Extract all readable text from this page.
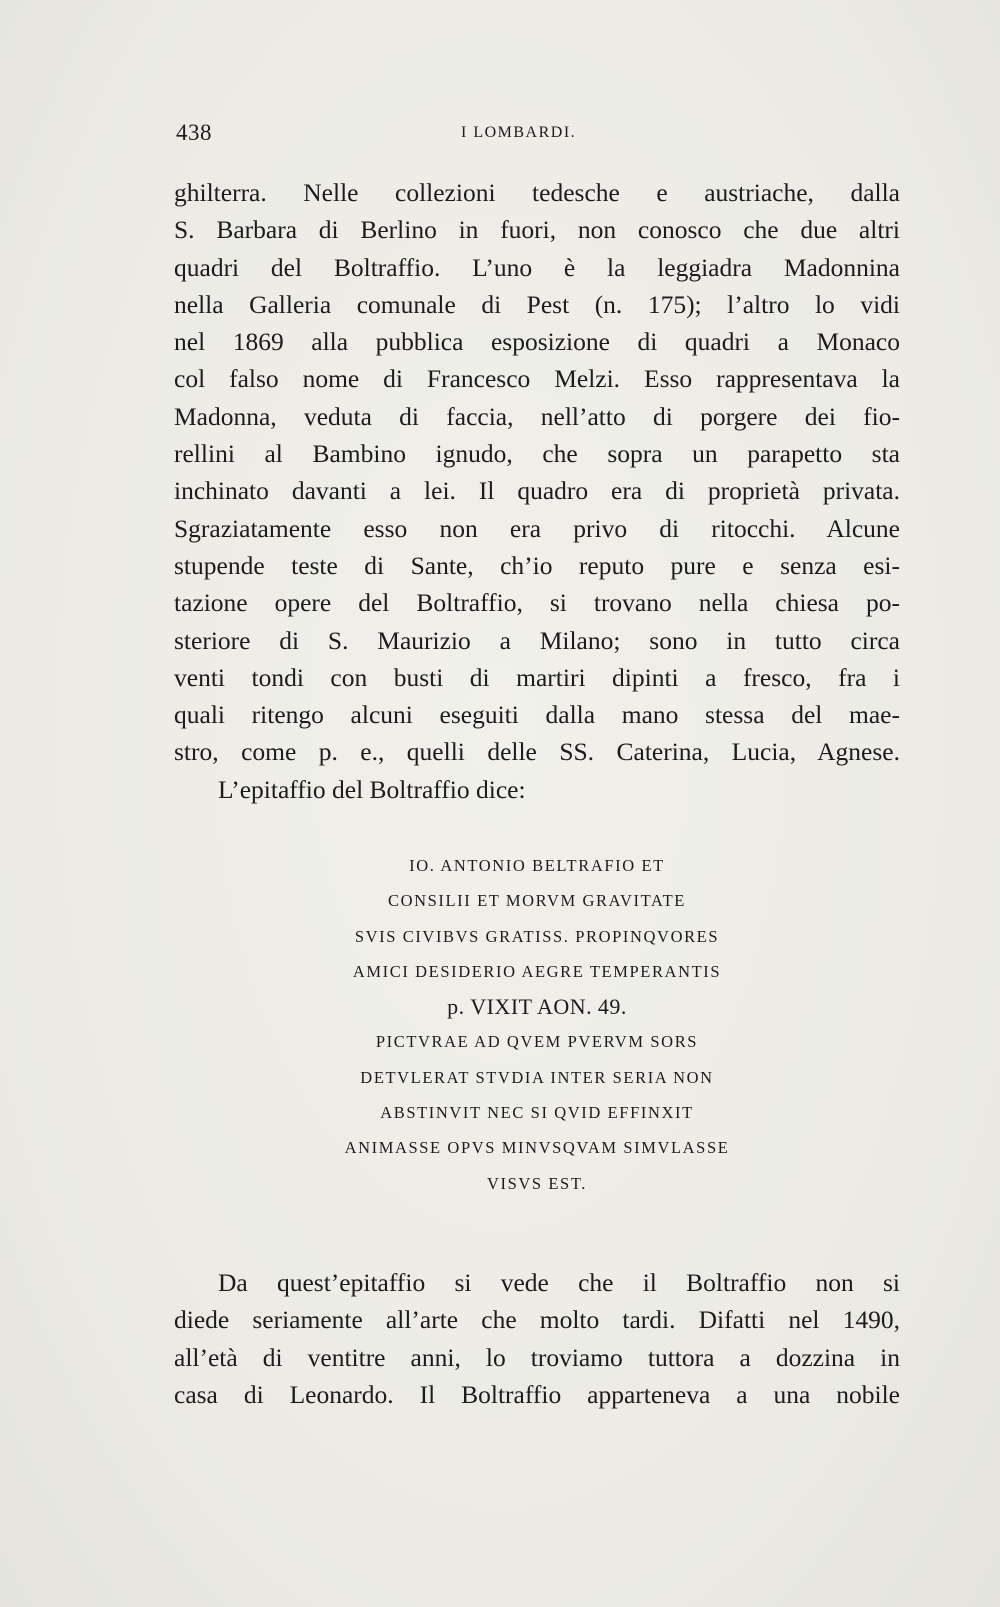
438	I LOMBARDI.
ghilterra. Nelle collezioni tedesche e austriache, dalla
S. Barbara di Berlino in fuori, non conosco che due altri
quadri del Boltraffio. L’uno è la leggiadra Madonnina
nella Galleria comunale di Pest (n. 175); l’altro lo vidi
nel 1869 alla pubblica esposizione di quadri a Monaco
col falso nome di Francesco Melzi. Esso rappresentava la
Madonna, veduta di faccia, nell’atto di porgere dei fio-
rellini al Bambino ignudo, che sopra un parapetto sta
inchinato davanti a lei. Il quadro era di proprietà privata.
Sgraziatamente esso non era privo di ritocchi. Alcune
stupende teste di Sante, ch’io reputo pure e senza esi-
tazione opere del Boltraffio, si trovano nella chiesa po-
steriore di S. Maurizio a Milano; sono in tutto circa
venti tondi con busti di martiri dipinti a fresco, fra i
quali ritengo alcuni eseguiti dalla mano stessa del mae-
stro, come p. e., quelli delle SS. Caterina, Lucia, Agnese.
L’epitaffio del Boltraffio dice:
IO. ANTONIO BELTRAFIO ET
CONSILII ET MORVM GRAVITATE
SVIS CIVIBVS GRATISS. PROPINQVORES
AMICI DESIDERIO AEGRE TEMPERANTIS
p. VIXIT AON. 49.
PICTVRAE AD QVEM PVERVM SORS
DETVLERAT STVDIA INTER SERIA NON
ABSTINVIT NEC SI QVID EFFINXIT
ANIMASSE OPVS MINVSQVAM SIMVLASSE
VISVS EST.
Da quest’epitaffio si vede che il Boltraffio non si
diede seriamente all’arte che molto tardi. Difatti nel 1490,
all’età di ventitre anni, lo troviamo tuttora a dozzina in
casa di Leonardo. Il Boltraffio apparteneva a una nobile
